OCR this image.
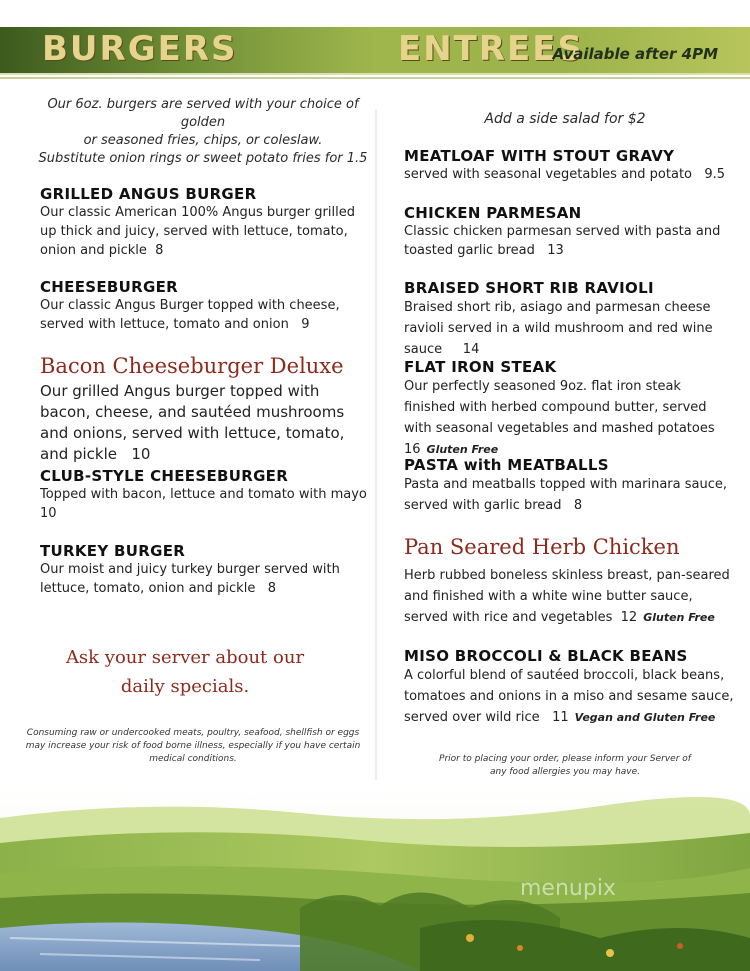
BURGERS	ENTREES
Available after 4PM
Our 6oz. burgers are served with your choice of golden
or seasoned fries, chips, or coleslaw.
Substitute onion rings or sweet potato fries for 1.5

GRILLED ANGUS BURGER

Our classic American 100% Angus burger grilled up thick and juicy, served with lettuce, tomato, onion and pickle 8

CHEESEBURGER

Our classic Angus Burger topped with cheese, served with lettuce, tomato and onion 9

Bacon Cheeseburger Deluxe

Our grilled Angus burger topped with bacon, cheese, and sautéed mushrooms and onions, served with lettuce, tomato, and pickle 10

CLUB-STYLE CHEESEBURGER

Topped with bacon, lettuce and tomato with mayo 10

TURKEY BURGER

Our moist and juicy turkey burger served with lettuce, tomato, onion and pickle 8

Ask your server about our
daily specials.
Consuming raw or undercooked meats, poultry, seafood, shellfish or eggs may increase your risk of food borne illness, especially if you have certain medical conditions.
Add a side salad for $2

MEATLOAF WITH STOUT GRAVY

served with seasonal vegetables and potato 9.5

CHICKEN PARMESAN

Classic chicken parmesan served with pasta and toasted garlic bread 13

BRAISED SHORT RIB RAVIOLI

Braised short rib, asiago and parmesan cheese ravioli served in a wild mushroom and red wine sauce 14

FLAT IRON STEAK

Our perfectly seasoned 9oz. flat iron steak finished with herbed compound butter, served with seasonal vegetables and mashed potatoes  16 Gluten Free

PASTA with MEATBALLS

Pasta and meatballs topped with marinara sauce, served with garlic bread 8

Pan Seared Herb Chicken

Herb rubbed boneless skinless breast, pan-seared and finished with a white wine butter sauce, served with rice and vegetables 12 Gluten Free

MISO BROCCOLI & BLACK BEANS

A colorful blend of sautéed broccoli, black beans, tomatoes and onions in a miso and sesame sauce, served over wild rice 11 Vegan and Gluten Free

Prior to placing your order, please inform your Server of any food allergies you may have.
menupix
